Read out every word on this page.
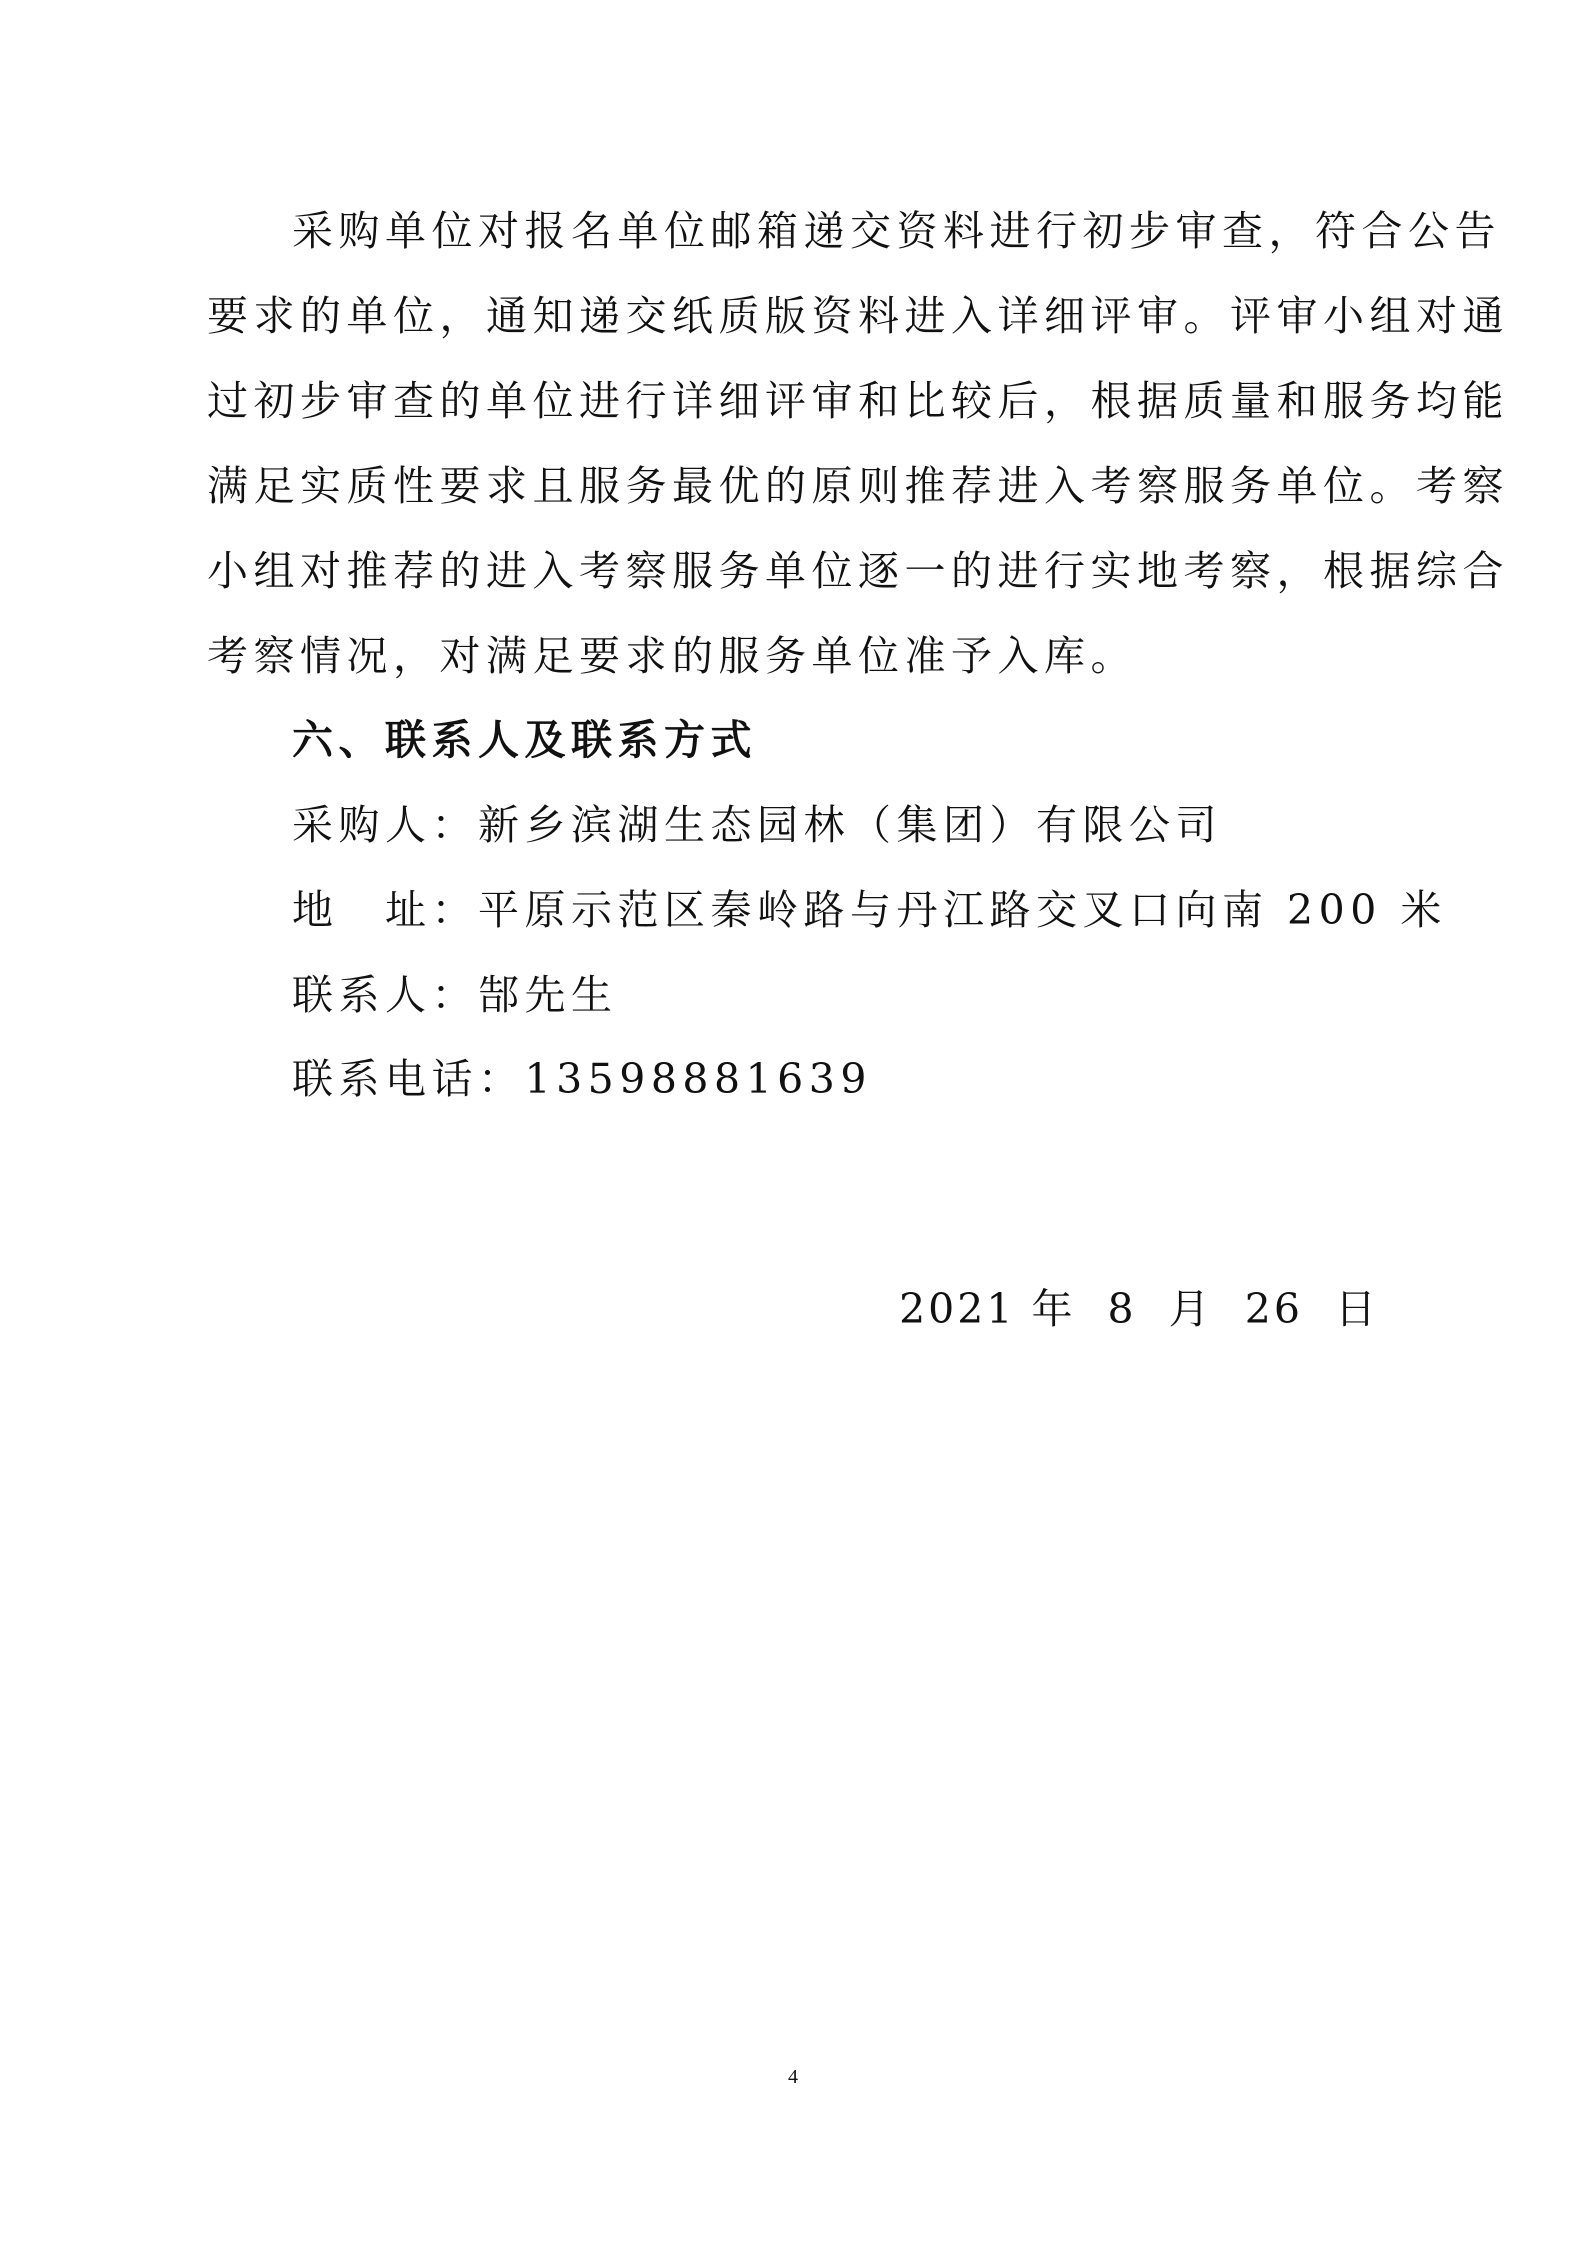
采购单位对报名单位邮箱递交资料进行初步审查，符合公告
要求的单位，通知递交纸质版资料进入详细评审。评审小组对通
过初步审查的单位进行详细评审和比较后，根据质量和服务均能
满足实质性要求且服务最优的原则推荐进入考察服务单位。考察
小组对推荐的进入考察服务单位逐一的进行实地考察，根据综合
考察情况，对满足要求的服务单位准予入库。
六、联系人及联系方式
采购人：新乡滨湖生态园林（集团）有限公司
地　址：平原示范区秦岭路与丹江路交叉口向南 200 米
联系人：郜先生
联系电话：13598881639
2021 年  8  月  26  日
4
